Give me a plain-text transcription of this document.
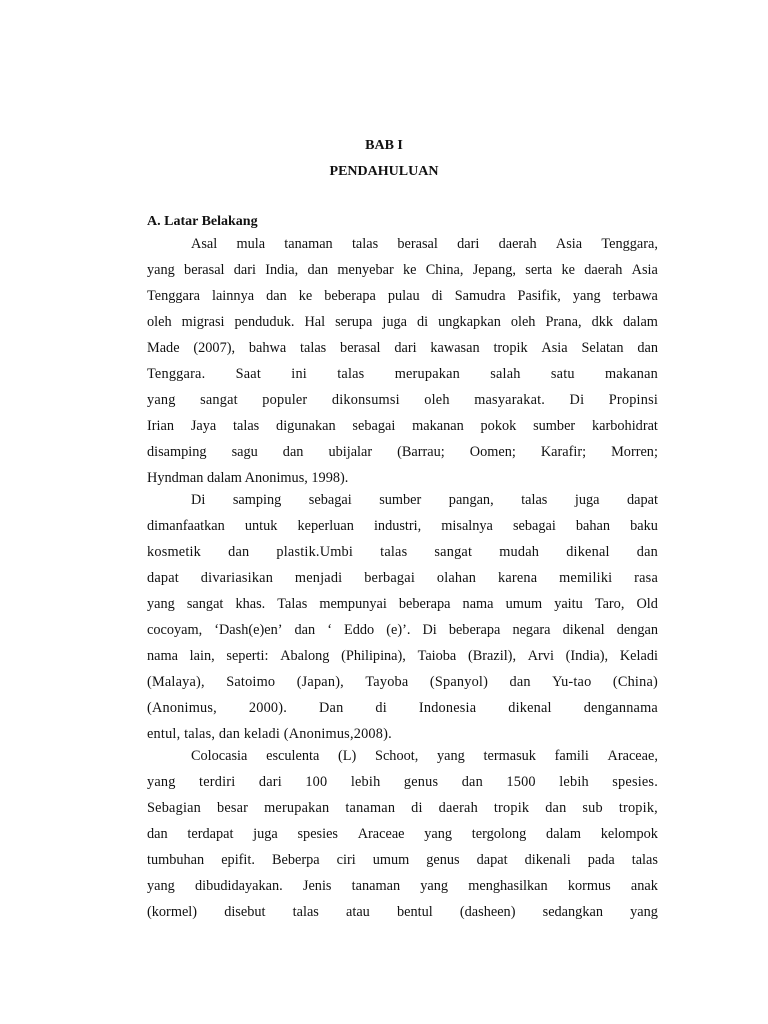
BAB I
PENDAHULUAN
A. Latar Belakang
Asal mula tanaman talas berasal dari daerah Asia Tenggara,
yang berasal dari India, dan menyebar ke China, Jepang, serta ke daerah Asia
Tenggara lainnya dan ke beberapa pulau di Samudra Pasifik, yang terbawa
oleh migrasi penduduk. Hal serupa juga di ungkapkan oleh Prana, dkk dalam
Made (2007), bahwa talas berasal dari kawasan tropik Asia Selatan dan
Tenggara. Saat ini talas merupakan salah satu makanan
yang sangat populer dikonsumsi oleh masyarakat. Di Propinsi
Irian Jaya talas digunakan sebagai makanan pokok sumber karbohidrat
disamping sagu dan ubijalar (Barrau; Oomen; Karafir; Morren;
Hyndman dalam Anonimus, 1998).
Di samping sebagai sumber pangan, talas juga dapat
dimanfaatkan untuk keperluan industri, misalnya sebagai bahan baku
kosmetik dan plastik.Umbi talas sangat mudah dikenal dan
dapat divariasikan menjadi berbagai olahan karena memiliki rasa
yang sangat khas. Talas mempunyai beberapa nama umum yaitu Taro, Old
cocoyam, ‘Dash(e)en’ dan ‘ Eddo (e)’. Di beberapa negara dikenal dengan
nama lain, seperti: Abalong (Philipina), Taioba (Brazil), Arvi (India), Keladi
(Malaya), Satoimo (Japan), Tayoba (Spanyol) dan Yu-tao (China)
(Anonimus, 2000). Dan di Indonesia dikenal dengannama
entul, talas, dan keladi (Anonimus,2008).
Colocasia esculenta (L) Schoot, yang termasuk famili Araceae,
yang terdiri dari 100 lebih genus dan 1500 lebih spesies.
Sebagian besar merupakan tanaman di daerah tropik dan sub tropik,
dan terdapat juga spesies Araceae yang tergolong dalam kelompok
tumbuhan epifit. Beberpa ciri umum genus dapat dikenali pada talas
yang dibudidayakan. Jenis tanaman yang menghasilkan kormus anak
(kormel) disebut talas atau bentul (dasheen) sedangkan yang
